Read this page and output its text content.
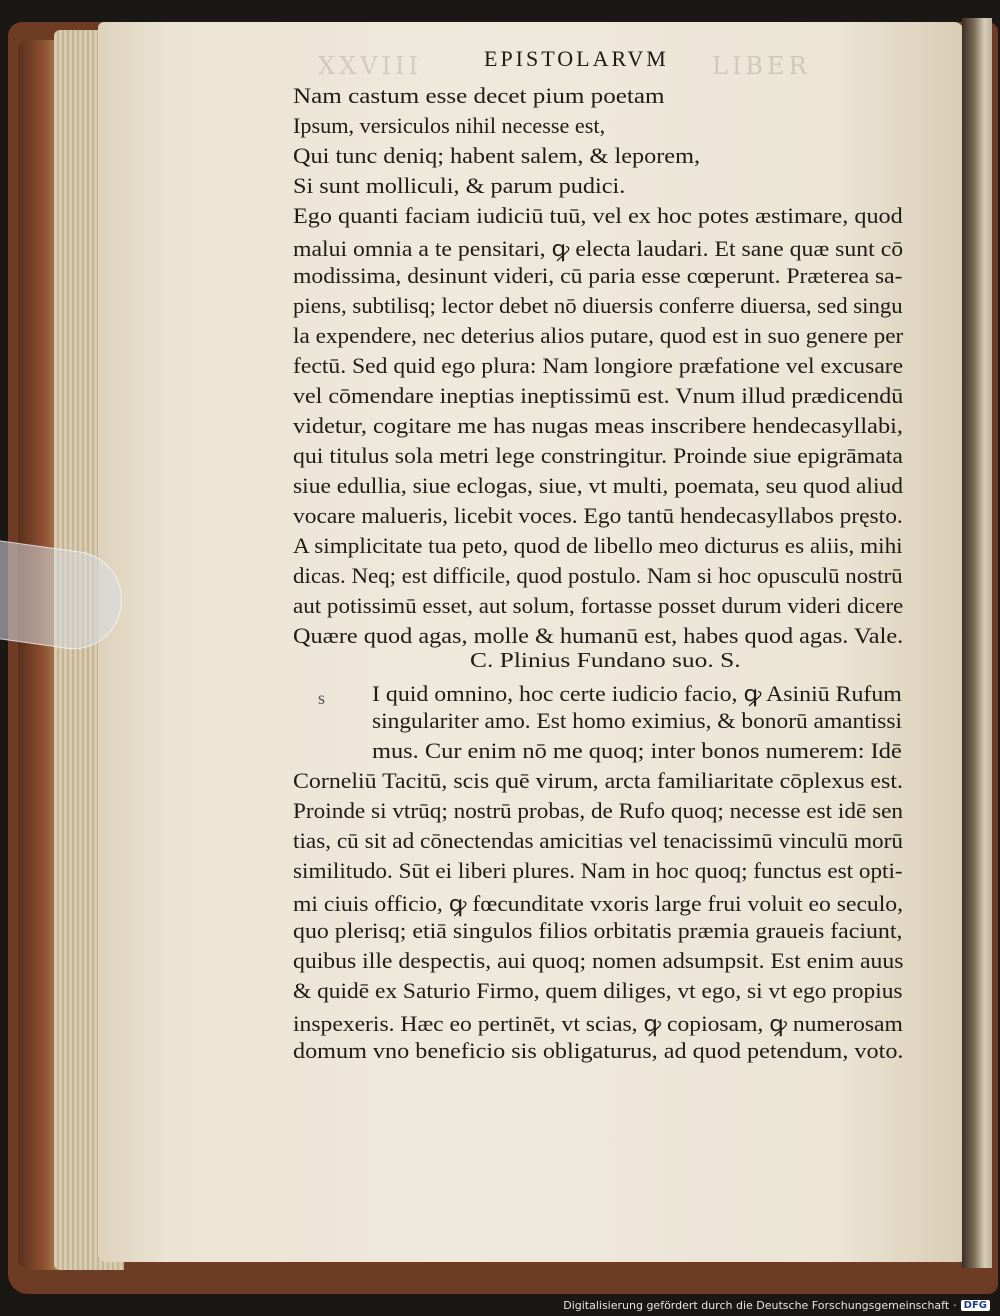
XXVIII	LIBER
EPISTOLARVM
s
Nam castum esse decet pium poetam
Ipsum, versiculos nihil necesse est,
Qui tunc deniq; habent salem, & leporem,
Si sunt molliculi, & parum pudici.
Ego quanti faciam iudiciū tuū, vel ex hoc potes æstimare, quod
malui omnia a te pensitari, ꝙ electa laudari. Et sane quæ sunt cō
modissima, desinunt videri, cū paria esse cœperunt. Præterea sa-
piens, subtilisq; lector debet nō diuersis conferre diuersa, sed singu
la expendere, nec deterius alios putare, quod est in suo genere per
fectū. Sed quid ego plura: Nam longiore præfatione vel excusare
vel cōmendare ineptias ineptissimū est. Vnum illud prædicendū
videtur, cogitare me has nugas meas inscribere hendecasyllabi,
qui titulus sola metri lege constringitur. Proinde siue epigrāmata
siue edullia, siue eclogas, siue, vt multi, poemata, seu quod aliud
vocare malueris, licebit voces. Ego tantū hendecasyllabos pręsto.
A simplicitate tua peto, quod de libello meo dicturus es aliis, mihi
dicas. Neq; est difficile, quod postulo. Nam si hoc opusculū nostrū
aut potissimū esset, aut solum, fortasse posset durum videri dicere
Quære quod agas, molle & humanū est, habes quod agas. Vale.
C. Plinius Fundano suo. S.
I quid omnino, hoc certe iudicio facio, ꝙ Asiniū Rufum
singulariter amo. Est homo eximius, & bonorū amantissi
mus. Cur enim nō me quoq; inter bonos numerem: Idē
Corneliū Tacitū, scis quē virum, arcta familiaritate cōplexus est.
Proinde si vtrūq; nostrū probas, de Rufo quoq; necesse est idē sen
tias, cū sit ad cōnectendas amicitias vel tenacissimū vinculū morū
similitudo. Sūt ei liberi plures. Nam in hoc quoq; functus est opti-
mi ciuis officio, ꝙ fœcunditate vxoris large frui voluit eo seculo,
quo plerisq; etiā singulos filios orbitatis præmia graueis faciunt,
quibus ille despectis, aui quoq; nomen adsumpsit. Est enim auus
& quidē ex Saturio Firmo, quem diliges, vt ego, si vt ego propius
inspexeris. Hæc eo pertinēt, vt scias, ꝙ copiosam, ꝙ numerosam
domum vno beneficio sis obligaturus, ad quod petendum, voto.
Digitalisierung gefördert durch die Deutsche Forschungsgemeinschaft · DFG
